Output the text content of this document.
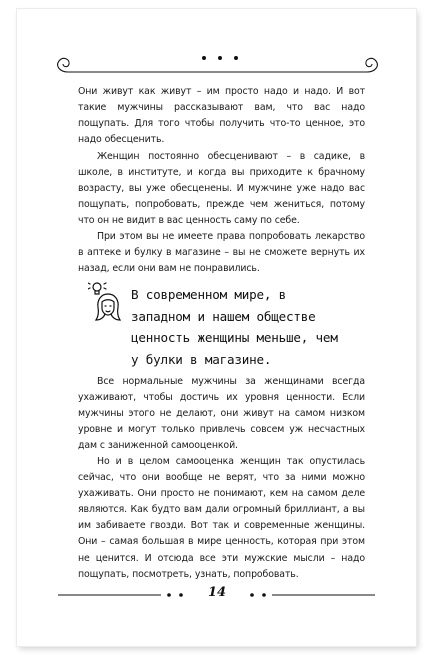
Они живут как живут – им просто надо и надо. И вот такие мужчины рассказывают вам, что вас надо пощупать. Для того чтобы получить что-то ценное, это надо обесценить.

Женщин постоянно обесценивают – в садике, в школе, в институте, и когда вы приходите к брачному возрасту, вы уже обесценены. И мужчине уже надо вас пощупать, попробовать, прежде чем жениться, потому что он не видит в вас ценность саму по себе.

При этом вы не имеете права попробовать лекарство в аптеке и булку в магазине – вы не сможете вернуть их назад, если они вам не понравились.

В современном мире, в западном и нашем обществе ценность женщины меньше, чем у булки в магазине.

Все нормальные мужчины за женщинами всегда ухаживают, чтобы достичь их уровня ценности. Если мужчины этого не делают, они живут на самом низком уровне и могут только привлечь совсем уж несчастных дам с заниженной самооценкой.

Но и в целом самооценка женщин так опустилась сейчас, что они вообще не верят, что за ними можно ухаживать. Они просто не понимают, кем на самом деле являются. Как будто вам дали огромный бриллиант, а вы им забиваете гвозди. Вот так и современные женщины. Они – самая большая в мире ценность, которая при этом не ценится. И отсюда все эти мужские мысли – надо пощупать, посмотреть, узнать, попробовать.

14
